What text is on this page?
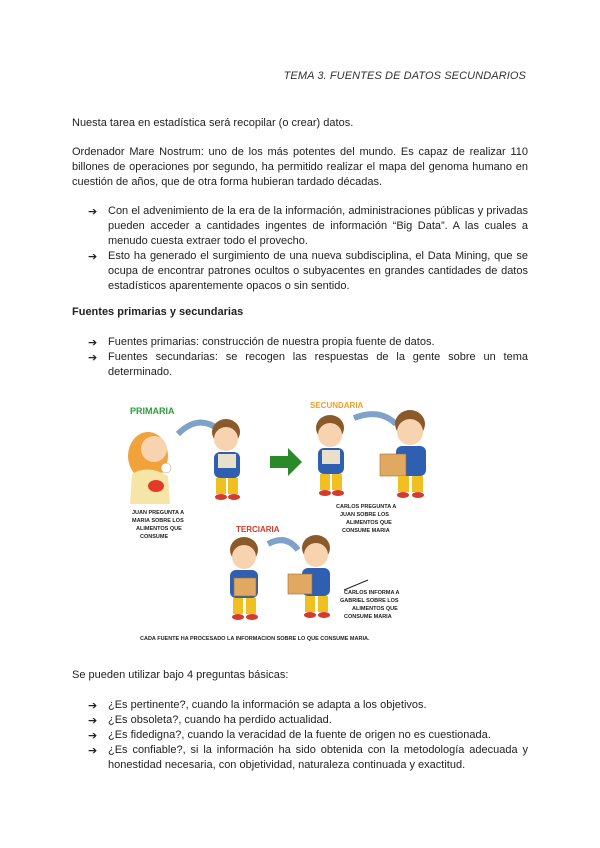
TEMA 3. FUENTES DE DATOS SECUNDARIOS
Nuesta tarea en estadística será recopilar (o crear) datos.
Ordenador Mare Nostrum: uno de los más potentes del mundo. Es capaz de realizar 110 billones de operaciones por segundo, ha permitido realizar el mapa del genoma humano en cuestión de años, que de otra forma hubieran tardado décadas.
➔ Con el advenimiento de la era de la información, administraciones públicas y privadas pueden acceder a cantidades ingentes de información “Big Data”. A las cuales a menudo cuesta extraer todo el provecho.
➔ Esto ha generado el surgimiento de una nueva subdisciplina, el Data Mining, que se ocupa de encontrar patrones ocultos o subyacentes en grandes cantidades de datos estadísticos aparentemente opacos o sin sentido.
Fuentes primarias y secundarias
➔ Fuentes primarias: construcción de nuestra propia fuente de datos.
➔ Fuentes secundarias: se recogen las respuestas de la gente sobre un tema determinado.
PRIMARIA
JUAN PREGUNTA A MARIA SOBRE LOS ALIMENTOS QUE CONSUME
SECUNDARIA
CARLOS PREGUNTA A JUAN SOBRE LOS ALIMENTOS QUE CONSUME MARIA
TERCIARIA
CARLOS INFORMA A GABRIEL SOBRE LOS ALIMENTOS QUE CONSUME MARIA
CADA FUENTE HA PROCESADO LA INFORMACION SOBRE LO QUE CONSUME MARIA.
Se pueden utilizar bajo 4 preguntas básicas:
➔ ¿Es pertinente?, cuando la información se adapta a los objetivos.
➔ ¿Es obsoleta?, cuando ha perdido actualidad.
➔ ¿Es fidedigna?, cuando la veracidad de la fuente de origen no es cuestionada.
➔ ¿Es confiable?, si la información ha sido obtenida con la metodología adecuada y honestidad necesaria, con objetividad, naturaleza continuada y exactitud.
